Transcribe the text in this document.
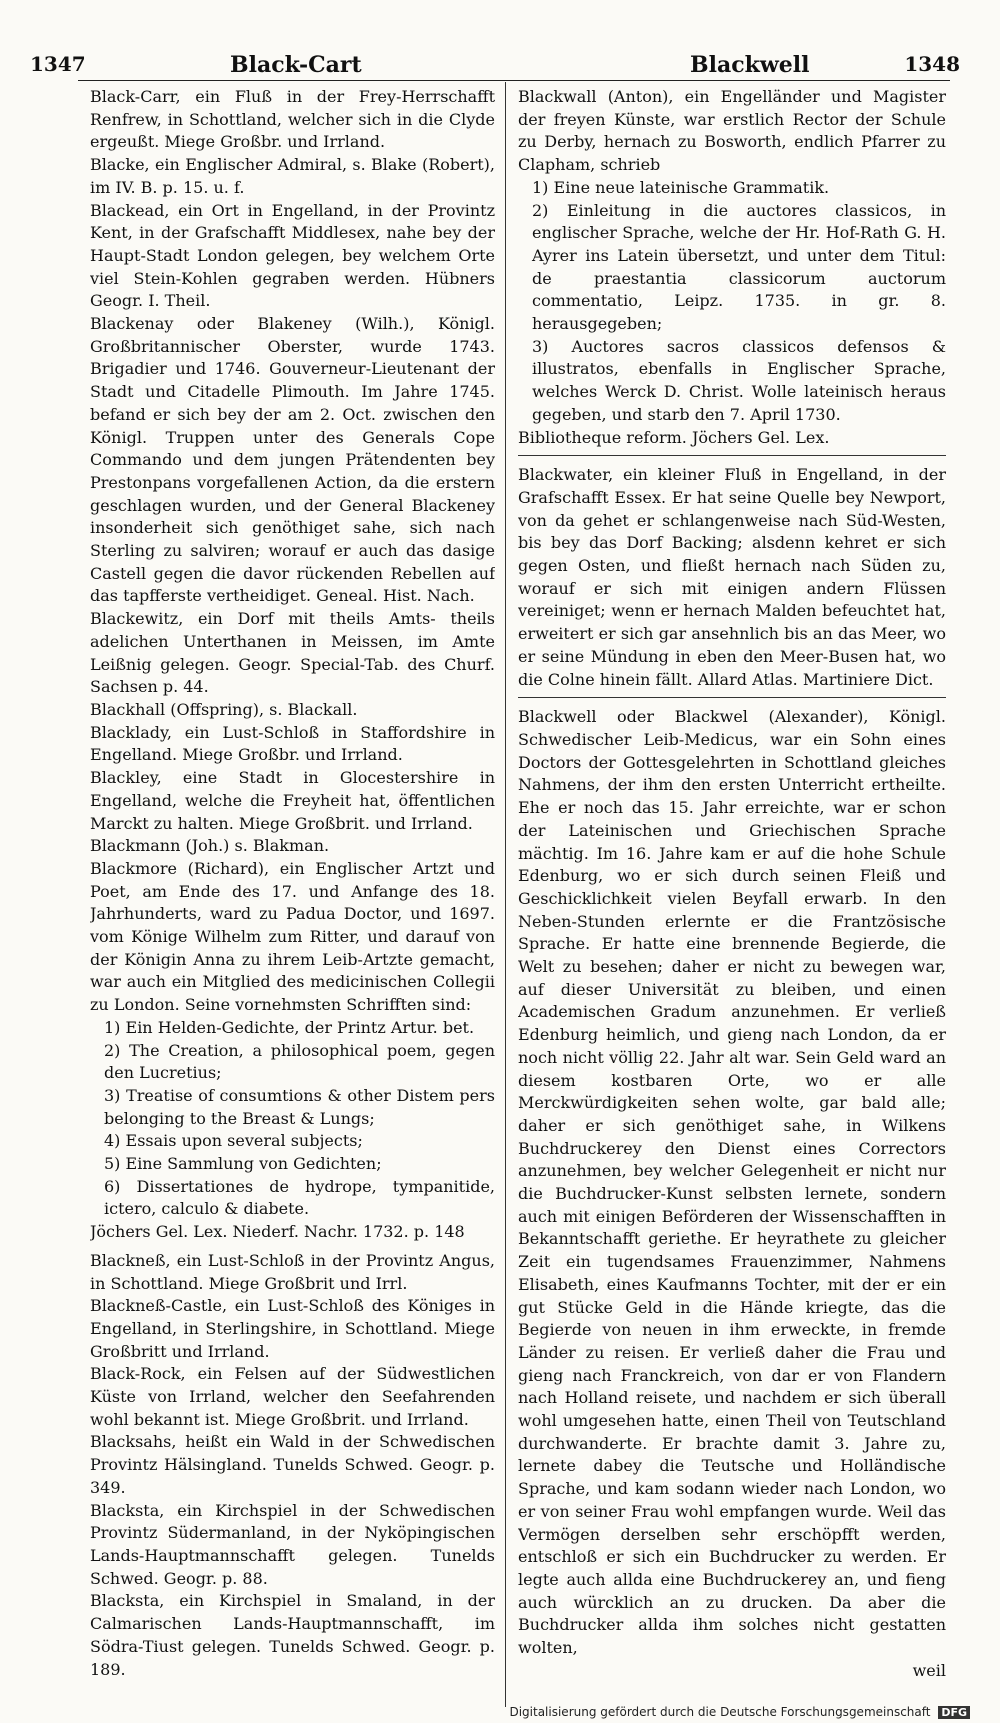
1347	Black-Cart	Blackwell	1348

Black-Carr, ein Fluß in der Frey-Herrschafft Renfrew, in Schottland, welcher sich in die Clyde ergeußt. Miege Großbr. und Irrland.

Blacke, ein Englischer Admiral, s. Blake (Robert), im IV. B. p. 15. u. f.

Blackead, ein Ort in Engelland, in der Provintz Kent, in der Grafschafft Middlesex, nahe bey der Haupt-Stadt London gelegen, bey welchem Orte viel Stein-Kohlen gegraben werden. Hübners Geogr. I. Theil.

Blackenay oder Blakeney (Wilh.), Königl. Großbritannischer Oberster, wurde 1743. Brigadier und 1746. Gouverneur-Lieutenant der Stadt und Citadelle Plimouth. Im Jahre 1745. befand er sich bey der am 2. Oct. zwischen den Königl. Truppen unter des Generals Cope Commando und dem jungen Prätendenten bey Prestonpans vorgefallenen Action, da die erstern geschlagen wurden, und der General Blackeney insonderheit sich genöthiget sahe, sich nach Sterling zu salviren; worauf er auch das dasige Castell gegen die davor rückenden Rebellen auf das tapfferste vertheidiget. Geneal. Hist. Nach.

Blackewitz, ein Dorf mit theils Amts- theils adelichen Unterthanen in Meissen, im Amte Leißnig gelegen. Geogr. Special-Tab. des Churf. Sachsen p. 44.

Blackhall (Offspring), s. Blackall.

Blacklady, ein Lust-Schloß in Staffordshire in Engelland. Miege Großbr. und Irrland.

Blackley, eine Stadt in Glocestershire in Engelland, welche die Freyheit hat, öffentlichen Marckt zu halten. Miege Großbrit. und Irrland.

Blackmann (Joh.) s. Blakman.

Blackmore (Richard), ein Englischer Artzt und Poet, am Ende des 17. und Anfange des 18. Jahrhunderts, ward zu Padua Doctor, und 1697. vom Könige Wilhelm zum Ritter, und darauf von der Königin Anna zu ihrem Leib-Artzte gemacht, war auch ein Mitglied des medicinischen Collegii zu London. Seine vornehmsten Schrifften sind:

1) Ein Helden-Gedichte, der Printz Artur. bet.

2) The Creation, a philosophical poem, gegen den Lucretius;

3) Treatise of consumtions & other Distem pers belonging to the Breast & Lungs;

4) Essais upon several subjects;

5) Eine Sammlung von Gedichten;

6) Dissertationes de hydrope, tympanitide, ictero, calculo & diabete.

Jöchers Gel. Lex. Niederf. Nachr. 1732. p. 148

Blackneß, ein Lust-Schloß in der Provintz Angus, in Schottland. Miege Großbrit und Irrl.

Blackneß-Castle, ein Lust-Schloß des Königes in Engelland, in Sterlingshire, in Schottland. Miege Großbritt und Irrland.

Black-Rock, ein Felsen auf der Südwestlichen Küste von Irrland, welcher den Seefahrenden wohl bekannt ist. Miege Großbrit. und Irrland.

Blacksahs, heißt ein Wald in der Schwedischen Provintz Hälsingland. Tunelds Schwed. Geogr. p. 349.

Blacksta, ein Kirchspiel in der Schwedischen Provintz Südermanland, in der Nyköpingischen Lands-Hauptmannschafft gelegen. Tunelds Schwed. Geogr. p. 88.

Blacksta, ein Kirchspiel in Smaland, in der Calmarischen Lands-Hauptmannschafft, im Södra-Tiust gelegen. Tunelds Schwed. Geogr. p. 189.

Blackwall (Anton), ein Engelländer und Magister der freyen Künste, war erstlich Rector der Schule zu Derby, hernach zu Bosworth, endlich Pfarrer zu Clapham, schrieb

1) Eine neue lateinische Grammatik.

2) Einleitung in die auctores classicos, in englischer Sprache, welche der Hr. Hof-Rath G. H. Ayrer ins Latein übersetzt, und unter dem Titul: de praestantia classicorum auctorum commentatio, Leipz. 1735. in gr. 8. herausgegeben;

3) Auctores sacros classicos defensos & illustratos, ebenfalls in Englischer Sprache, welches Werck D. Christ. Wolle lateinisch heraus gegeben, und starb den 7. April 1730.

Bibliotheque reform. Jöchers Gel. Lex.

Blackwater, ein kleiner Fluß in Engelland, in der Grafschafft Essex. Er hat seine Quelle bey Newport, von da gehet er schlangenweise nach Süd-Westen, bis bey das Dorf Backing; alsdenn kehret er sich gegen Osten, und fließt hernach nach Süden zu, worauf er sich mit einigen andern Flüssen vereiniget; wenn er hernach Malden befeuchtet hat, erweitert er sich gar ansehnlich bis an das Meer, wo er seine Mündung in eben den Meer-Busen hat, wo die Colne hinein fällt. Allard Atlas. Martiniere Dict.

Blackwell oder Blackwel (Alexander), Königl. Schwedischer Leib-Medicus, war ein Sohn eines Doctors der Gottesgelehrten in Schottland gleiches Nahmens, der ihm den ersten Unterricht ertheilte. Ehe er noch das 15. Jahr erreichte, war er schon der Lateinischen und Griechischen Sprache mächtig. Im 16. Jahre kam er auf die hohe Schule Edenburg, wo er sich durch seinen Fleiß und Geschicklichkeit vielen Beyfall erwarb. In den Neben-Stunden erlernte er die Frantzösische Sprache. Er hatte eine brennende Begierde, die Welt zu besehen; daher er nicht zu bewegen war, auf dieser Universität zu bleiben, und einen Academischen Gradum anzunehmen. Er verließ Edenburg heimlich, und gieng nach London, da er noch nicht völlig 22. Jahr alt war. Sein Geld ward an diesem kostbaren Orte, wo er alle Merckwürdigkeiten sehen wolte, gar bald alle; daher er sich genöthiget sahe, in Wilkens Buchdruckerey den Dienst eines Correctors anzunehmen, bey welcher Gelegenheit er nicht nur die Buchdrucker-Kunst selbsten lernete, sondern auch mit einigen Beförderen der Wissenschafften in Bekanntschafft geriethe. Er heyrathete zu gleicher Zeit ein tugendsames Frauenzimmer, Nahmens Elisabeth, eines Kaufmanns Tochter, mit der er ein gut Stücke Geld in die Hände kriegte, das die Begierde von neuen in ihm erweckte, in fremde Länder zu reisen. Er verließ daher die Frau und gieng nach Franckreich, von dar er von Flandern nach Holland reisete, und nachdem er sich überall wohl umgesehen hatte, einen Theil von Teutschland durchwanderte. Er brachte damit 3. Jahre zu, lernete dabey die Teutsche und Holländische Sprache, und kam sodann wieder nach London, wo er von seiner Frau wohl empfangen wurde. Weil das Vermögen derselben sehr erschöpfft werden, entschloß er sich ein Buchdrucker zu werden. Er legte auch allda eine Buchdruckerey an, und fieng auch würcklich an zu drucken. Da aber die Buchdrucker allda ihm solches nicht gestatten wolten,

weil

Digitalisierung gefördert durch die Deutsche Forschungsgemeinschaft DFG
